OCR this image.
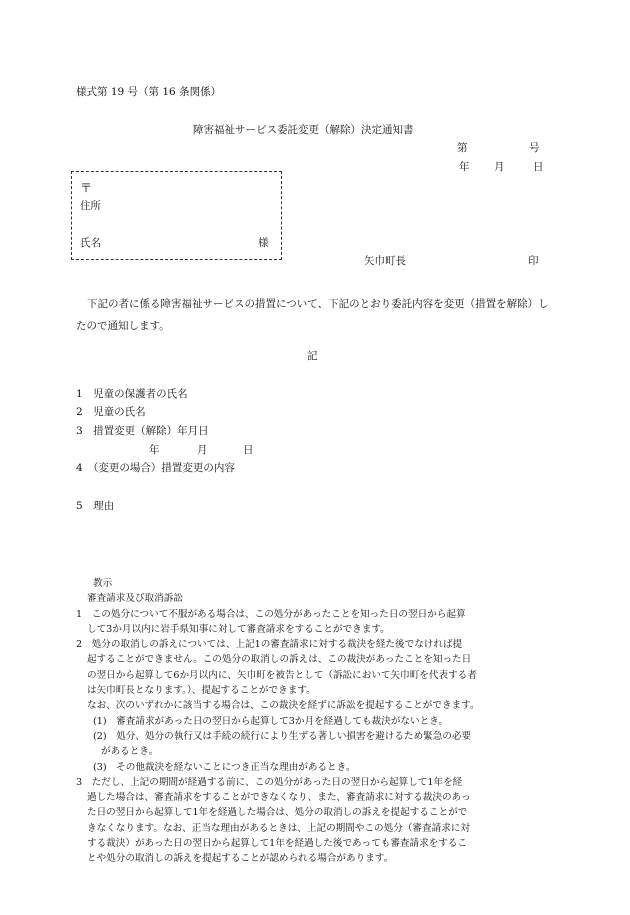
様式第 19 号（第 16 条関係）
障害福祉サービス委託変更（解除）決定通知書
第	号
年 月	日
〒
住所
氏名	様
矢巾町長	印
下記の者に係る障害福祉サービスの措置について、下記のとおり委託内容を変更（措置を解除）したので通知します。
記
1　児童の保護者の氏名
2　児童の氏名
3　措置変更（解除）年月日
年	月	日
4　（変更の場合）措置変更の内容
5　理由
教示
審査請求及び取消訴訟
1　この処分について不服がある場合は、この処分があったことを知った日の翌日から起算
して3か月以内に岩手県知事に対して審査請求をすることができます。
2　処分の取消しの訴えについては、上記1の審査請求に対する裁決を経た後でなければ提
起することができません。この処分の取消しの訴えは、この裁決があったことを知った日
の翌日から起算して6か月以内に、矢巾町を被告として（訴訟において矢巾町を代表する者
は矢巾町長となります。）、提起することができます。
なお、次のいずれかに該当する場合は、この裁決を経ずに訴訟を提起することができます。
(1)　審査請求があった日の翌日から起算して3か月を経過しても裁決がないとき。
(2)　処分、処分の執行又は手続の続行により生ずる著しい損害を避けるため緊急の必要
があるとき。
(3)　その他裁決を経ないことにつき正当な理由があるとき。
3　ただし、上記の期間が経過する前に、この処分があった日の翌日から起算して1年を経
過した場合は、審査請求をすることができなくなり、また、審査請求に対する裁決のあっ
た日の翌日から起算して1年を経過した場合は、処分の取消しの訴えを提起することがで
きなくなります。なお、正当な理由があるときは、上記の期間やこの処分（審査請求に対
する裁決）があった日の翌日から起算して1年を経過した後であっても審査請求をするこ
とや処分の取消しの訴えを提起することが認められる場合があります。
